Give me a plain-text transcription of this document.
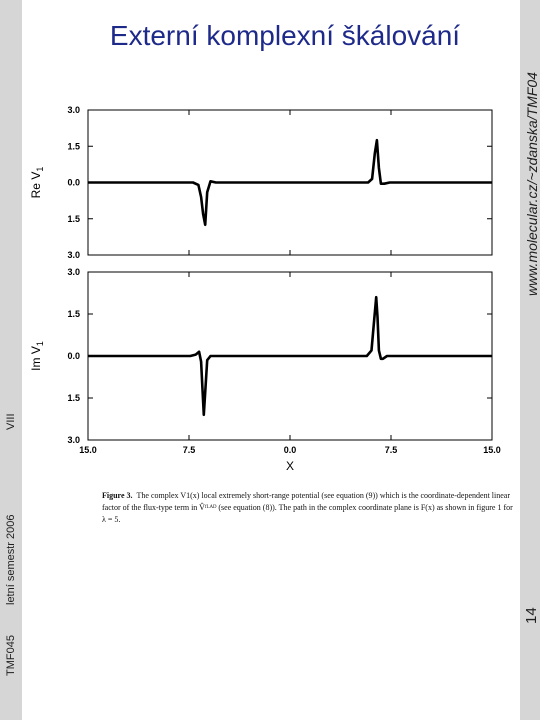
TMF045
letní semestr 2006
VIII
14
www.molecular.cz/~zdanska/TMF04
Externí komplexní škálování
3.0
1.5
0.0
1.5
3.0
Re $V_1$
3.0
1.5
0.0
1.5
3.0
15.0	7.5	0.0	7.5	15.0
Im $V_1$
X
Figure 3. The complex V1(x) local extremely short-range potential (see equation (9)) which is the coordinate-dependent linear factor of the flux-type term in V̂ᶠᴸᴬᴰ (see equation (8)). The path in the complex coordinate plane is F(x) as shown in figure 1 for λ = 5.
